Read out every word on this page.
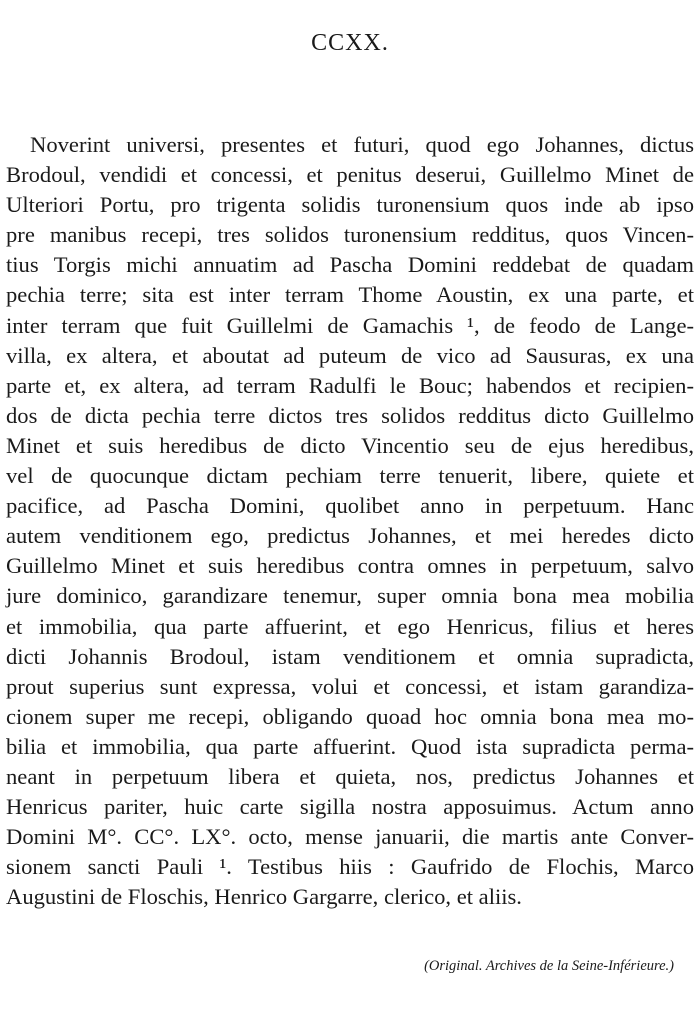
CCXX.
Noverint universi, presentes et futuri, quod ego Johannes, dictus
Brodoul, vendidi et concessi, et penitus deserui, Guillelmo Minet de
Ulteriori Portu, pro trigenta solidis turonensium quos inde ab ipso
pre manibus recepi, tres solidos turonensium redditus, quos Vincen-
tius Torgis michi annuatim ad Pascha Domini reddebat de quadam
pechia terre; sita est inter terram Thome Aoustin, ex una parte, et
inter terram que fuit Guillelmi de Gamachis ¹, de feodo de Lange-
villa, ex altera, et aboutat ad puteum de vico ad Sausuras, ex una
parte et, ex altera, ad terram Radulfi le Bouc; habendos et recipien-
dos de dicta pechia terre dictos tres solidos redditus dicto Guillelmo
Minet et suis heredibus de dicto Vincentio seu de ejus heredibus,
vel de quocunque dictam pechiam terre tenuerit, libere, quiete et
pacifice, ad Pascha Domini, quolibet anno in perpetuum. Hanc
autem venditionem ego, predictus Johannes, et mei heredes dicto
Guillelmo Minet et suis heredibus contra omnes in perpetuum, salvo
jure dominico, garandizare tenemur, super omnia bona mea mobilia
et immobilia, qua parte affuerint, et ego Henricus, filius et heres
dicti Johannis Brodoul, istam venditionem et omnia supradicta,
prout superius sunt expressa, volui et concessi, et istam garandiza-
cionem super me recepi, obligando quoad hoc omnia bona mea mo-
bilia et immobilia, qua parte affuerint. Quod ista supradicta perma-
neant in perpetuum libera et quieta, nos, predictus Johannes et
Henricus pariter, huic carte sigilla nostra apposuimus. Actum anno
Domini M°. CC°. LX°. octo, mense januarii, die martis ante Conver-
sionem sancti Pauli ¹. Testibus hiis : Gaufrido de Flochis, Marco
Augustini de Floschis, Henrico Gargarre, clerico, et aliis.
(Original. Archives de la Seine-Inférieure.)
